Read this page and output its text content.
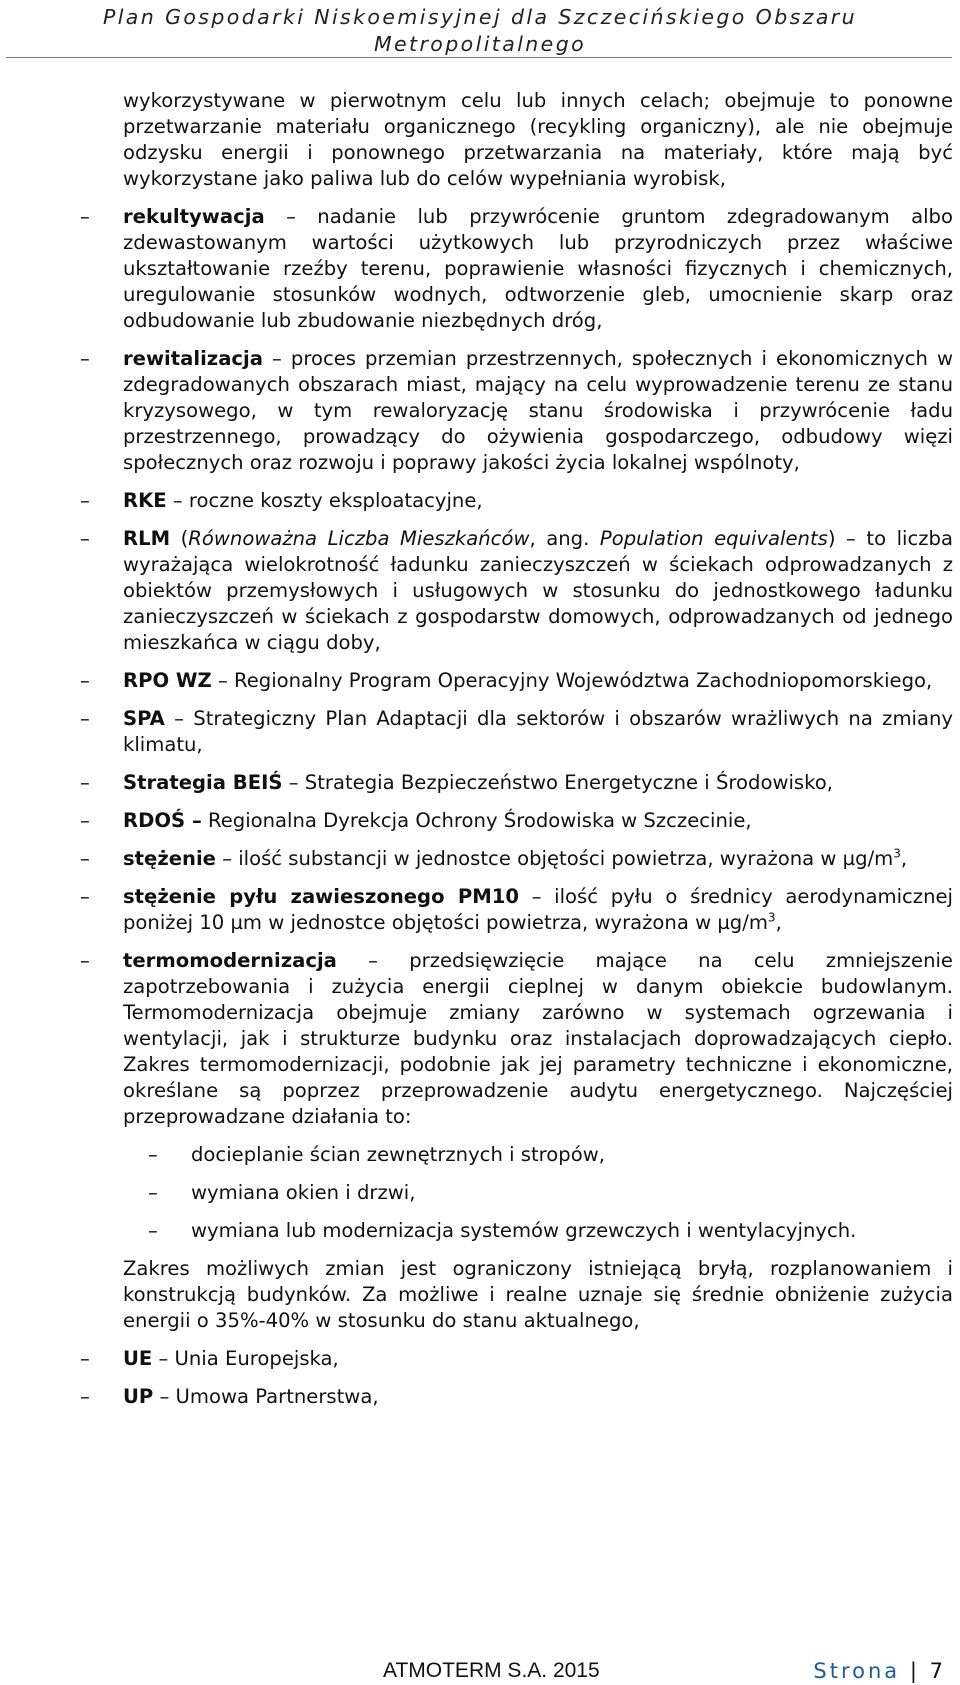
Plan Gospodarki Niskoemisyjnej dla Szczecińskiego Obszaru Metropolitalnego

wykorzystywane w pierwotnym celu lub innych celach; obejmuje to ponowne przetwarzanie materiału organicznego (recykling organiczny), ale nie obejmuje odzysku energii i ponownego przetwarzania na materiały, które mają być wykorzystane jako paliwa lub do celów wypełniania wyrobisk,

–	rekultywacja – nadanie lub przywrócenie gruntom zdegradowanym albo zdewastowanym wartości użytkowych lub przyrodniczych przez właściwe ukształtowanie rzeźby terenu, poprawienie własności fizycznych i chemicznych, uregulowanie stosunków wodnych, odtworzenie gleb, umocnienie skarp oraz odbudowanie lub zbudowanie niezbędnych dróg,
–	rewitalizacja – proces przemian przestrzennych, społecznych i ekonomicznych w zdegradowanych obszarach miast, mający na celu wyprowadzenie terenu ze stanu kryzysowego, w tym rewaloryzację stanu środowiska i przywrócenie ładu przestrzennego, prowadzący do ożywienia gospodarczego, odbudowy więzi społecznych oraz rozwoju i poprawy jakości życia lokalnej wspólnoty,
–	RKE – roczne koszty eksploatacyjne,
–	RLM (Równoważna Liczba Mieszkańców, ang. Population equivalents) – to liczba wyrażająca wielokrotność ładunku zanieczyszczeń w ściekach odprowadzanych z obiektów przemysłowych i usługowych w stosunku do jednostkowego ładunku zanieczyszczeń w ściekach z gospodarstw domowych, odprowadzanych od jednego mieszkańca w ciągu doby,
–	RPO WZ – Regionalny Program Operacyjny Województwa Zachodniopomorskiego,
–	SPA – Strategiczny Plan Adaptacji dla sektorów i obszarów wrażliwych na zmiany klimatu,
–	Strategia BEIŚ – Strategia Bezpieczeństwo Energetyczne i Środowisko,
–	RDOŚ – Regionalna Dyrekcja Ochrony Środowiska w Szczecinie,
–	stężenie – ilość substancji w jednostce objętości powietrza, wyrażona w $\mu g/m^3$,
–	stężenie pyłu zawieszonego PM10 – ilość pyłu o średnicy aerodynamicznej poniżej 10 µm w jednostce objętości powietrza, wyrażona w $\mu g/m^3$,
–	termomodernizacja – przedsięwzięcie mające na celu zmniejszenie zapotrzebowania i zużycia energii cieplnej w danym obiekcie budowlanym. Termomodernizacja obejmuje zmiany zarówno w systemach ogrzewania i wentylacji, jak i strukturze budynku oraz instalacjach doprowadzających ciepło. Zakres termomodernizacji, podobnie jak jej parametry techniczne i ekonomiczne, określane są poprzez przeprowadzenie audytu energetycznego. Najczęściej przeprowadzane działania to:
– docieplanie ścian zewnętrznych i stropów,
– wymiana okien i drzwi,
– wymiana lub modernizacja systemów grzewczych i wentylacyjnych.

Zakres możliwych zmian jest ograniczony istniejącą bryłą, rozplanowaniem i konstrukcją budynków. Za możliwe i realne uznaje się średnie obniżenie zużycia energii o 35%-40% w stosunku do stanu aktualnego,

–	UE – Unia Europejska,
–	UP – Umowa Partnerstwa,
ATMOTERM S.A. 2015	Strona | 7
